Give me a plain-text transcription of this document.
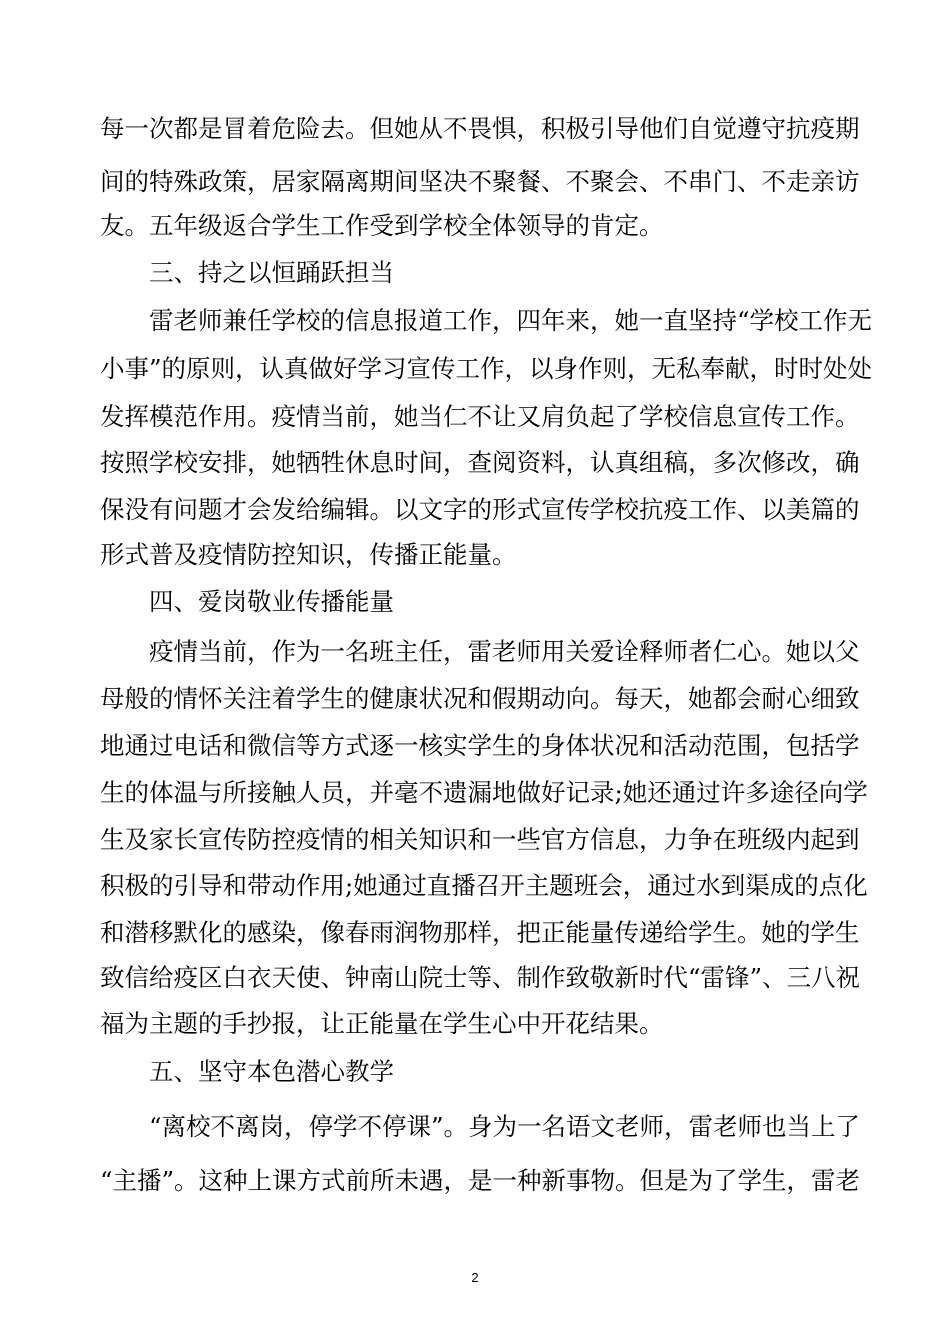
每一次都是冒着危险去。但她从不畏惧，积极引导他们自觉遵守抗疫期
间的特殊政策，居家隔离期间坚决不聚餐、不聚会、不串门、不走亲访
友。五年级返合学生工作受到学校全体领导的肯定。
三、持之以恒踊跃担当
雷老师兼任学校的信息报道工作，四年来，她一直坚持“学校工作无
小事”的原则，认真做好学习宣传工作，以身作则，无私奉献，时时处处
发挥模范作用。疫情当前，她当仁不让又肩负起了学校信息宣传工作。
按照学校安排，她牺牲休息时间，查阅资料，认真组稿，多次修改，确
保没有问题才会发给编辑。以文字的形式宣传学校抗疫工作、以美篇的
形式普及疫情防控知识，传播正能量。
四、爱岗敬业传播能量
疫情当前，作为一名班主任，雷老师用关爱诠释师者仁心。她以父
母般的情怀关注着学生的健康状况和假期动向。每天，她都会耐心细致
地通过电话和微信等方式逐一核实学生的身体状况和活动范围，包括学
生的体温与所接触人员，并毫不遗漏地做好记录;她还通过许多途径向学
生及家长宣传防控疫情的相关知识和一些官方信息，力争在班级内起到
积极的引导和带动作用;她通过直播召开主题班会，通过水到渠成的点化
和潜移默化的感染，像春雨润物那样，把正能量传递给学生。她的学生
致信给疫区白衣天使、钟南山院士等、制作致敬新时代“雷锋”、三八祝
福为主题的手抄报，让正能量在学生心中开花结果。
五、坚守本色潜心教学
“离校不离岗，停学不停课”。身为一名语文老师，雷老师也当上了
“主播”。这种上课方式前所未遇，是一种新事物。但是为了学生，雷老
2
